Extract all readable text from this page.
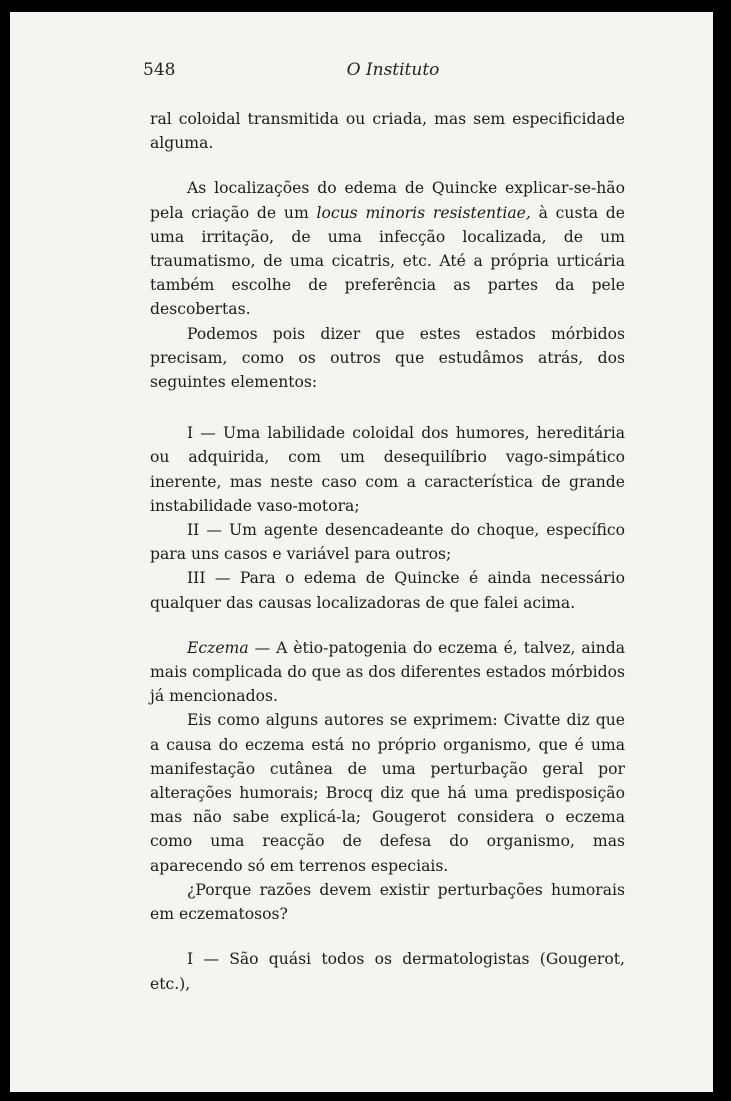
548	O Instituto

ral coloidal transmitida ou criada, mas sem especificidade alguma.

As localizações do edema de Quincke explicar-se-hão pela criação de um locus minoris resistentiae, à custa de uma irritação, de uma infecção localizada, de um traumatismo, de uma cicatris, etc. Até a própria urticária também escolhe de preferência as partes da pele descobertas.

Podemos pois dizer que estes estados mórbidos precisam, como os outros que estudâmos atrás, dos seguintes elementos:

I — Uma labilidade coloidal dos humores, hereditária ou adquirida, com um desequilíbrio vago-simpático inerente, mas neste caso com a característica de grande instabilidade vaso-motora;

II — Um agente desencadeante do choque, específico para uns casos e variável para outros;

III — Para o edema de Quincke é ainda necessário qualquer das causas localizadoras de que falei acima.

Eczema — A ètio-patogenia do eczema é, talvez, ainda mais complicada do que as dos diferentes estados mórbidos já mencionados.

Eis como alguns autores se exprimem: Civatte diz que a causa do eczema está no próprio organismo, que é uma manifestação cutânea de uma perturbação geral por alterações humorais; Brocq diz que há uma predisposição mas não sabe explicá-la; Gougerot considera o eczema como uma reacção de defesa do organismo, mas aparecendo só em terrenos especiais.

¿Porque razões devem existir perturbações humorais em eczematosos?

I — São quási todos os dermatologistas (Gougerot, etc.),
